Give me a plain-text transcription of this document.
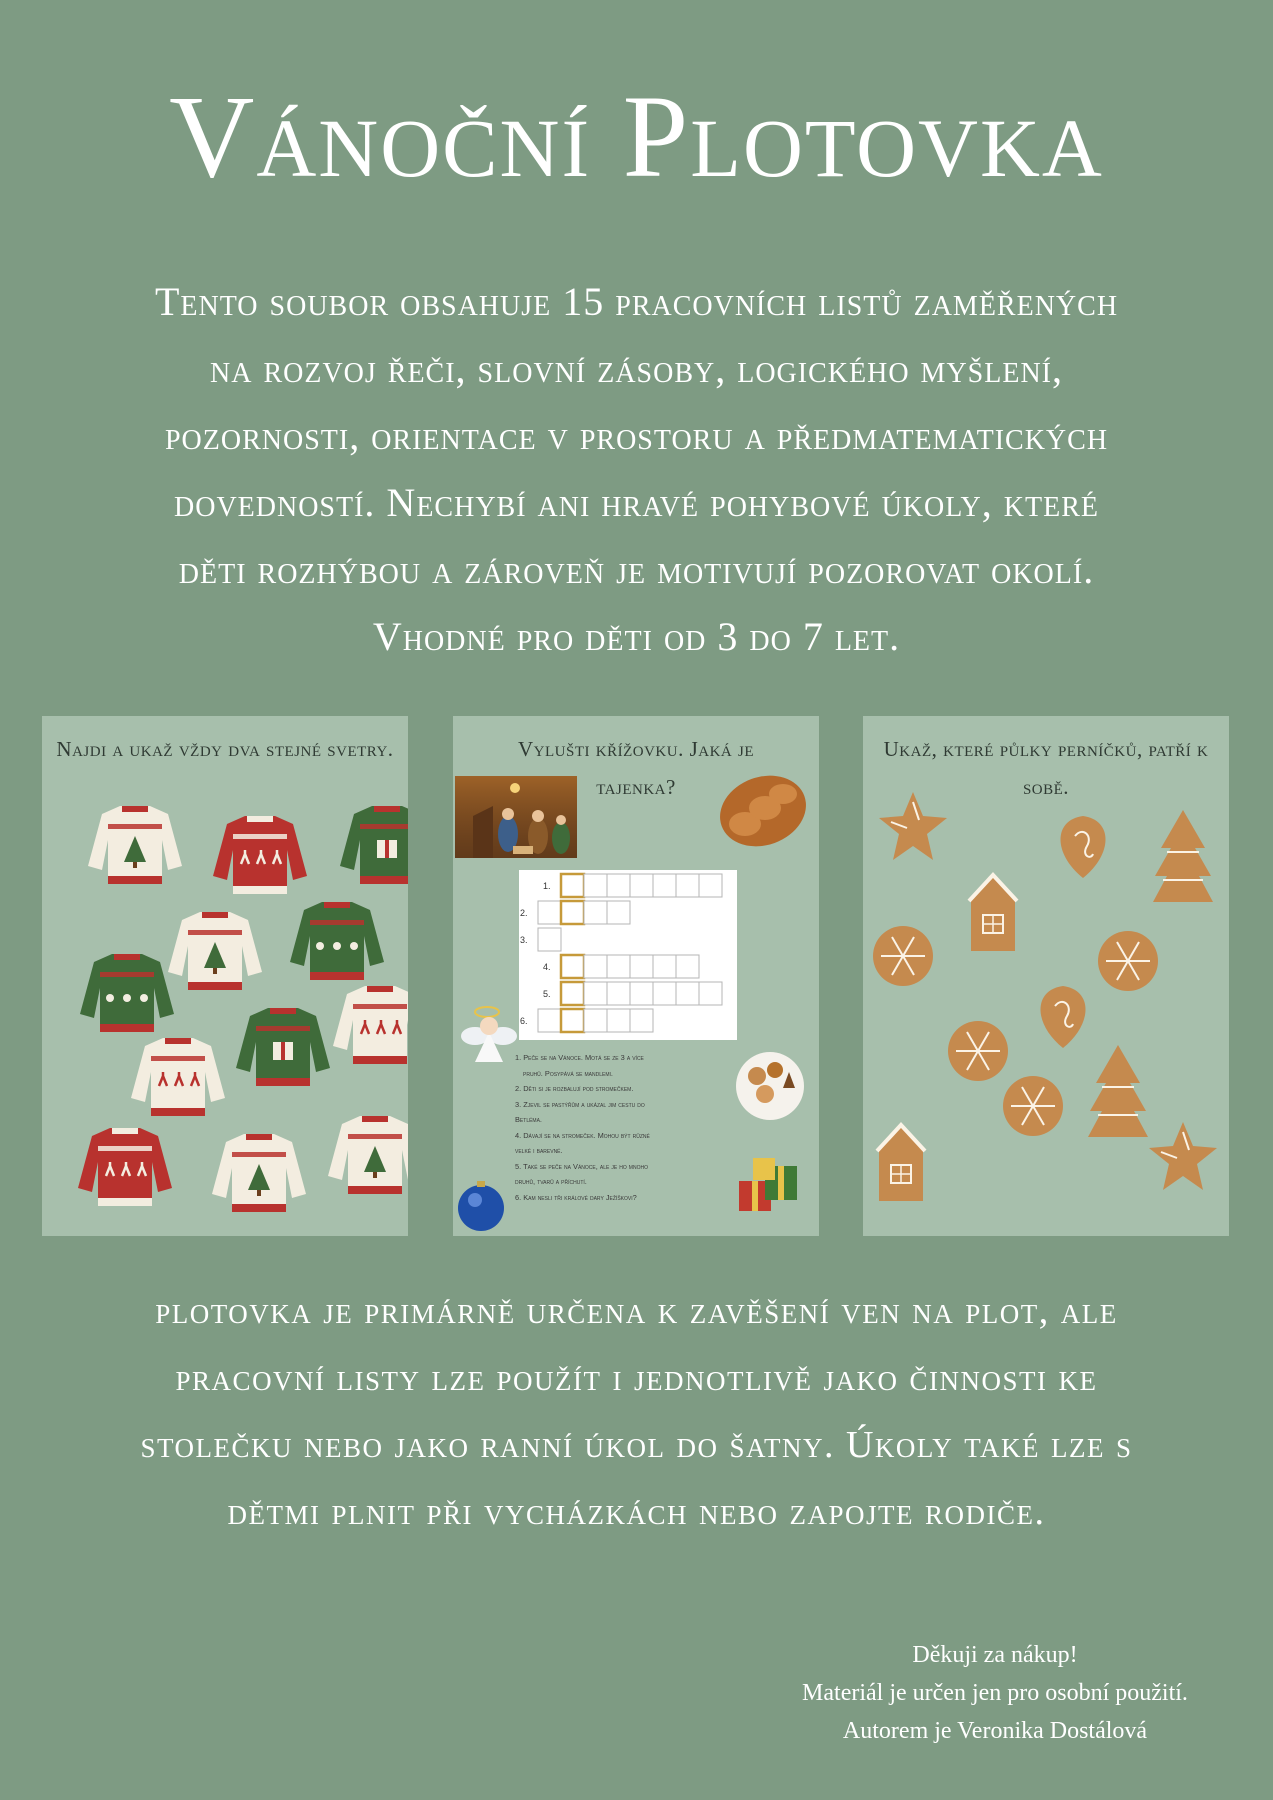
Vánoční Plotovka
Tento soubor obsahuje 15 pracovních listů zaměřených
na rozvoj řeči, slovní zásoby, logického myšlení,
pozornosti, orientace v prostoru a předmatematických
dovedností. Nechybí ani hravé pohybové úkoly, které
děti rozhýbou a zároveň je motivují pozorovat okolí.
Vhodné pro děti od 3 do 7 let.
Najdi a ukaž vždy dva stejné svetry.
1.
2.
3.
4.
5.
6.
Vylušti křížovku. Jaká je tajenka?
1. Peče se na Vánoce. Motá se ze 3 a více
pruhů. Posypává se mandlemi.
2. Děti si je rozbalují pod stromečkem.
3. Zjevil se pastýřům a ukázal jim cestu do
Betléma.
4. Dávají se na stromeček. Mohou být různé
velké i barevné.
5. Také se peče na Vánoce, ale je ho mnoho
druhů, tvarů a příchutí.
6. Kam nesli tři králové dary Ježíškovi?
Ukaž, které půlky perníčků, patří k sobě.
plotovka je primárně určena k zavěšení ven na plot, ale
pracovní listy lze použít i jednotlivě jako činnosti ke
stolečku nebo jako ranní úkol do šatny. Úkoly také lze s
dětmi plnit při vycházkách nebo zapojte rodiče.
Děkuji za nákup!
Materiál je určen jen pro osobní použití.
Autorem je Veronika Dostálová
